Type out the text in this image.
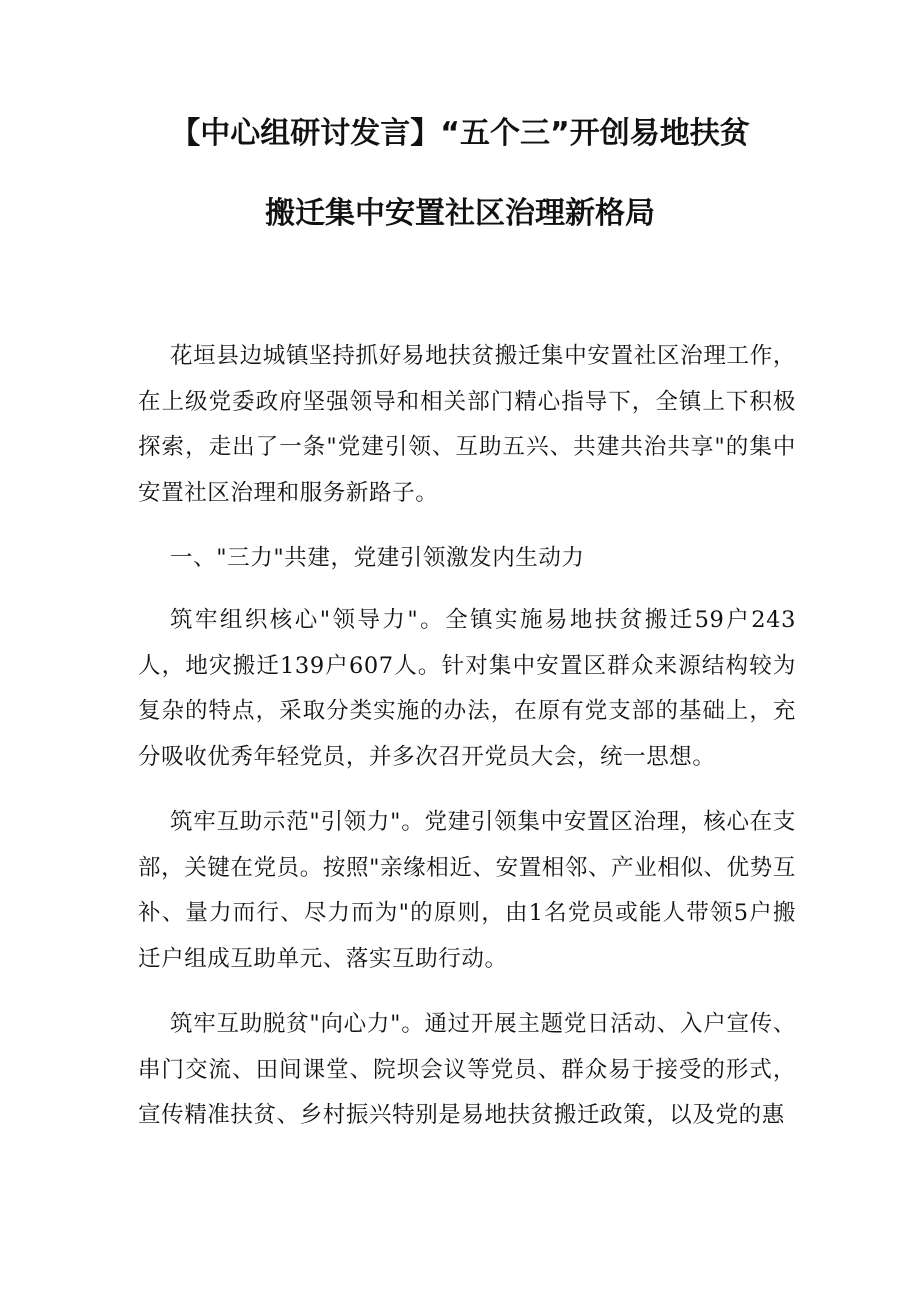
【中心组研讨发言】“五个三”开创易地扶贫
搬迁集中安置社区治理新格局

花垣县边城镇坚持抓好易地扶贫搬迁集中安置社区治理工作，在上级党委政府坚强领导和相关部门精心指导下，全镇上下积极探索，走出了一条"党建引领、互助五兴、共建共治共享"的集中安置社区治理和服务新路子。

一、"三力"共建，党建引领激发内生动力

筑牢组织核心"领导力"。全镇实施易地扶贫搬迁59户243人，地灾搬迁139户607人。针对集中安置区群众来源结构较为复杂的特点，采取分类实施的办法，在原有党支部的基础上，充分吸收优秀年轻党员，并多次召开党员大会，统一思想。

筑牢互助示范"引领力"。党建引领集中安置区治理，核心在支部，关键在党员。按照"亲缘相近、安置相邻、产业相似、优势互补、量力而行、尽力而为"的原则，由1名党员或能人带领5户搬迁户组成互助单元、落实互助行动。

筑牢互助脱贫"向心力"。通过开展主题党日活动、入户宣传、串门交流、田间课堂、院坝会议等党员、群众易于接受的形式，宣传精准扶贫、乡村振兴特别是易地扶贫搬迁政策，以及党的惠
